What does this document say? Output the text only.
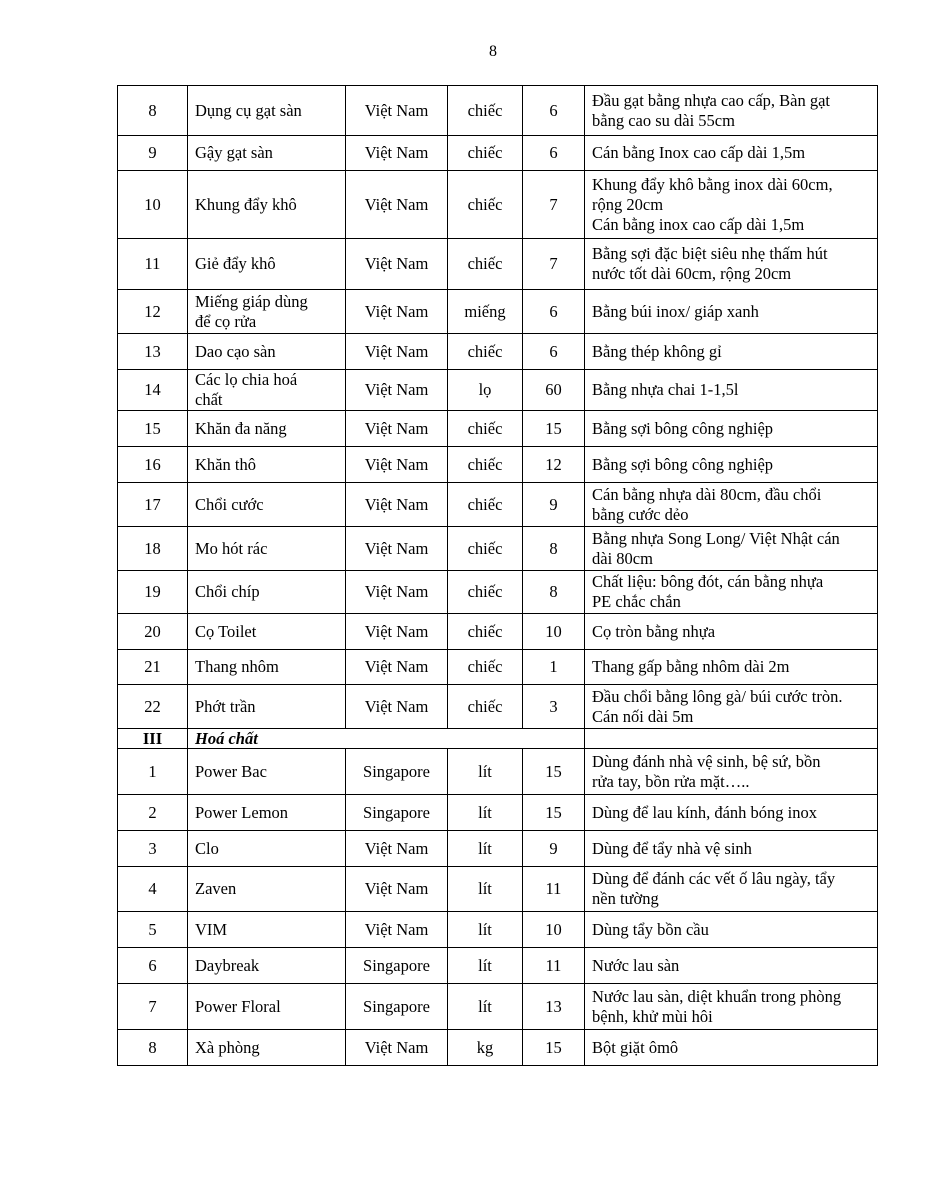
8
8	Dụng cụ gạt sàn	Việt Nam	chiếc	6	Đầu gạt bằng nhựa cao cấp, Bàn gạt
bằng cao su dài 55cm

9	Gậy gạt sàn	Việt Nam	chiếc	6	Cán bằng Inox cao cấp dài 1,5m

10	Khung đẩy khô	Việt Nam	chiếc	7	Khung đẩy khô bằng inox dài 60cm,
rộng 20cm
Cán bằng inox cao cấp dài 1,5m

11	Giẻ đẩy khô	Việt Nam	chiếc	7	Bằng sợi đặc biệt siêu nhẹ thấm hút
nước tốt dài 60cm, rộng 20cm

12	Miếng giáp dùng
để cọ rửa	Việt Nam	miếng	6	Bằng búi inox/ giáp xanh

13	Dao cạo sàn	Việt Nam	chiếc	6	Bằng thép không gỉ

14	Các lọ chia hoá
chất	Việt Nam	lọ	60	Bằng nhựa chai 1-1,5l

15	Khăn đa năng	Việt Nam	chiếc	15	Bằng sợi bông công nghiệp

16	Khăn thô	Việt Nam	chiếc	12	Bằng sợi bông công nghiệp

17	Chổi cước	Việt Nam	chiếc	9	Cán bằng nhựa dài 80cm, đầu chổi
bằng cước dẻo

18	Mo hót rác	Việt Nam	chiếc	8	Bằng nhựa Song Long/ Việt Nhật cán
dài 80cm

19	Chổi chíp	Việt Nam	chiếc	8	Chất liệu: bông đót, cán bằng nhựa
PE chắc chắn

20	Cọ Toilet	Việt Nam	chiếc	10	Cọ tròn bằng nhựa

21	Thang nhôm	Việt Nam	chiếc	1	Thang gấp bằng nhôm dài 2m

22	Phớt trần	Việt Nam	chiếc	3	Đầu chổi bằng lông gà/ búi cước tròn.
Cán nối dài 5m

III	Hoá chất				
1	Power Bac	Singapore	lít	15	Dùng đánh nhà vệ sinh, bệ sứ, bồn
rửa tay, bồn rửa mặt…..

2	Power Lemon	Singapore	lít	15	Dùng để lau kính, đánh bóng inox

3	Clo	Việt Nam	lít	9	Dùng để tẩy nhà vệ sinh

4	Zaven	Việt Nam	lít	11	Dùng để đánh các vết ố lâu ngày, tẩy
nền tường

5	VIM	Việt Nam	lít	10	Dùng tẩy bồn cầu

6	Daybreak	Singapore	lít	11	Nước lau sàn

7	Power Floral	Singapore	lít	13	Nước lau sàn, diệt khuẩn trong phòng
bệnh, khử mùi hôi

8	Xà phòng	Việt Nam	kg	15	Bột giặt ômô
